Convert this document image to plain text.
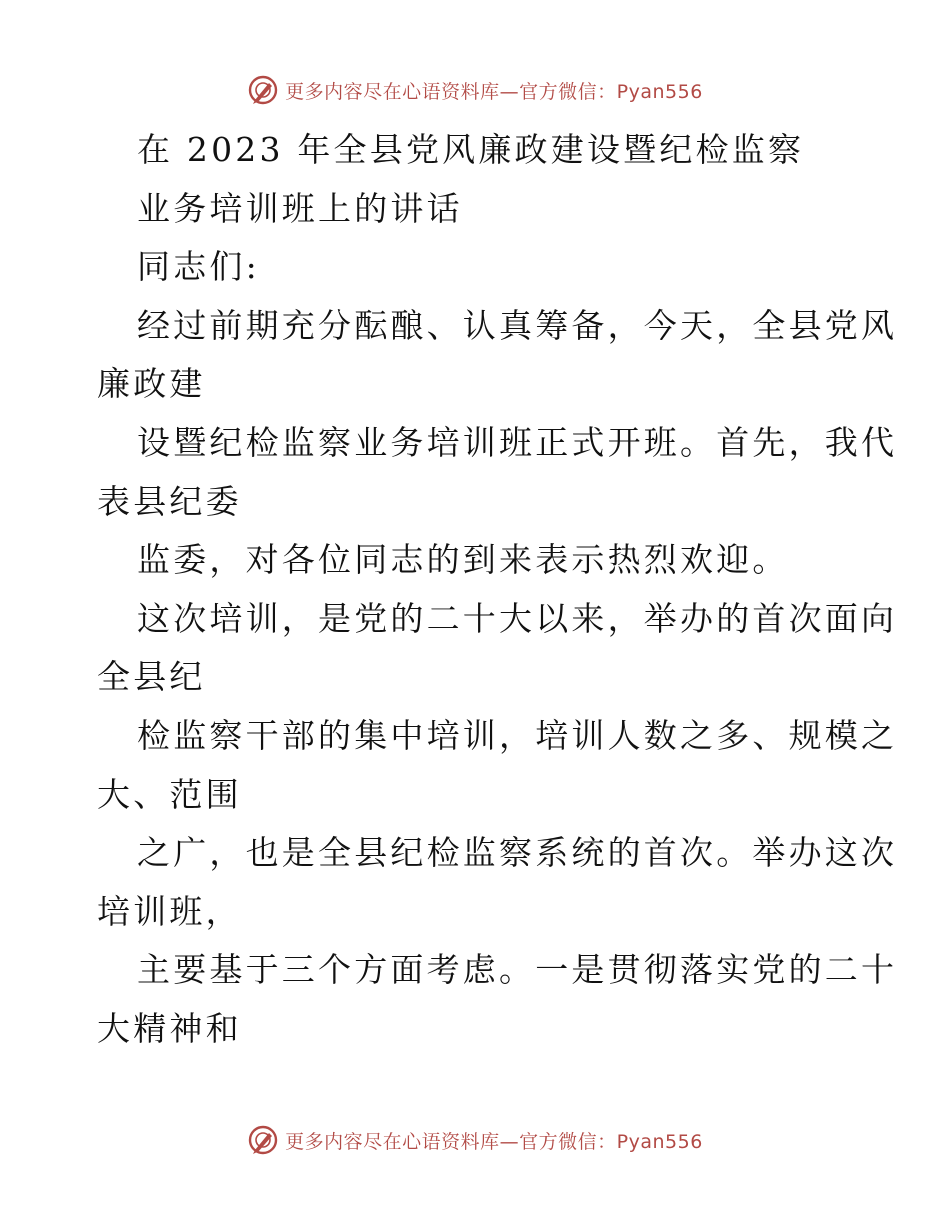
更多内容尽在心语资料库—官方微信：Pyan556
在 2023 年全县党风廉政建设暨纪检监察
业务培训班上的讲话
同志们:
经过前期充分酝酿、认真筹备，今天，全县党风
廉政建
设暨纪检监察业务培训班正式开班。首先，我代
表县纪委
监委，对各位同志的到来表示热烈欢迎。
这次培训，是党的二十大以来，举办的首次面向
全县纪
检监察干部的集中培训，培训人数之多、规模之
大、范围
之广，也是全县纪检监察系统的首次。举办这次
培训班，
主要基于三个方面考虑。一是贯彻落实党的二十
大精神和
更多内容尽在心语资料库—官方微信：Pyan556
